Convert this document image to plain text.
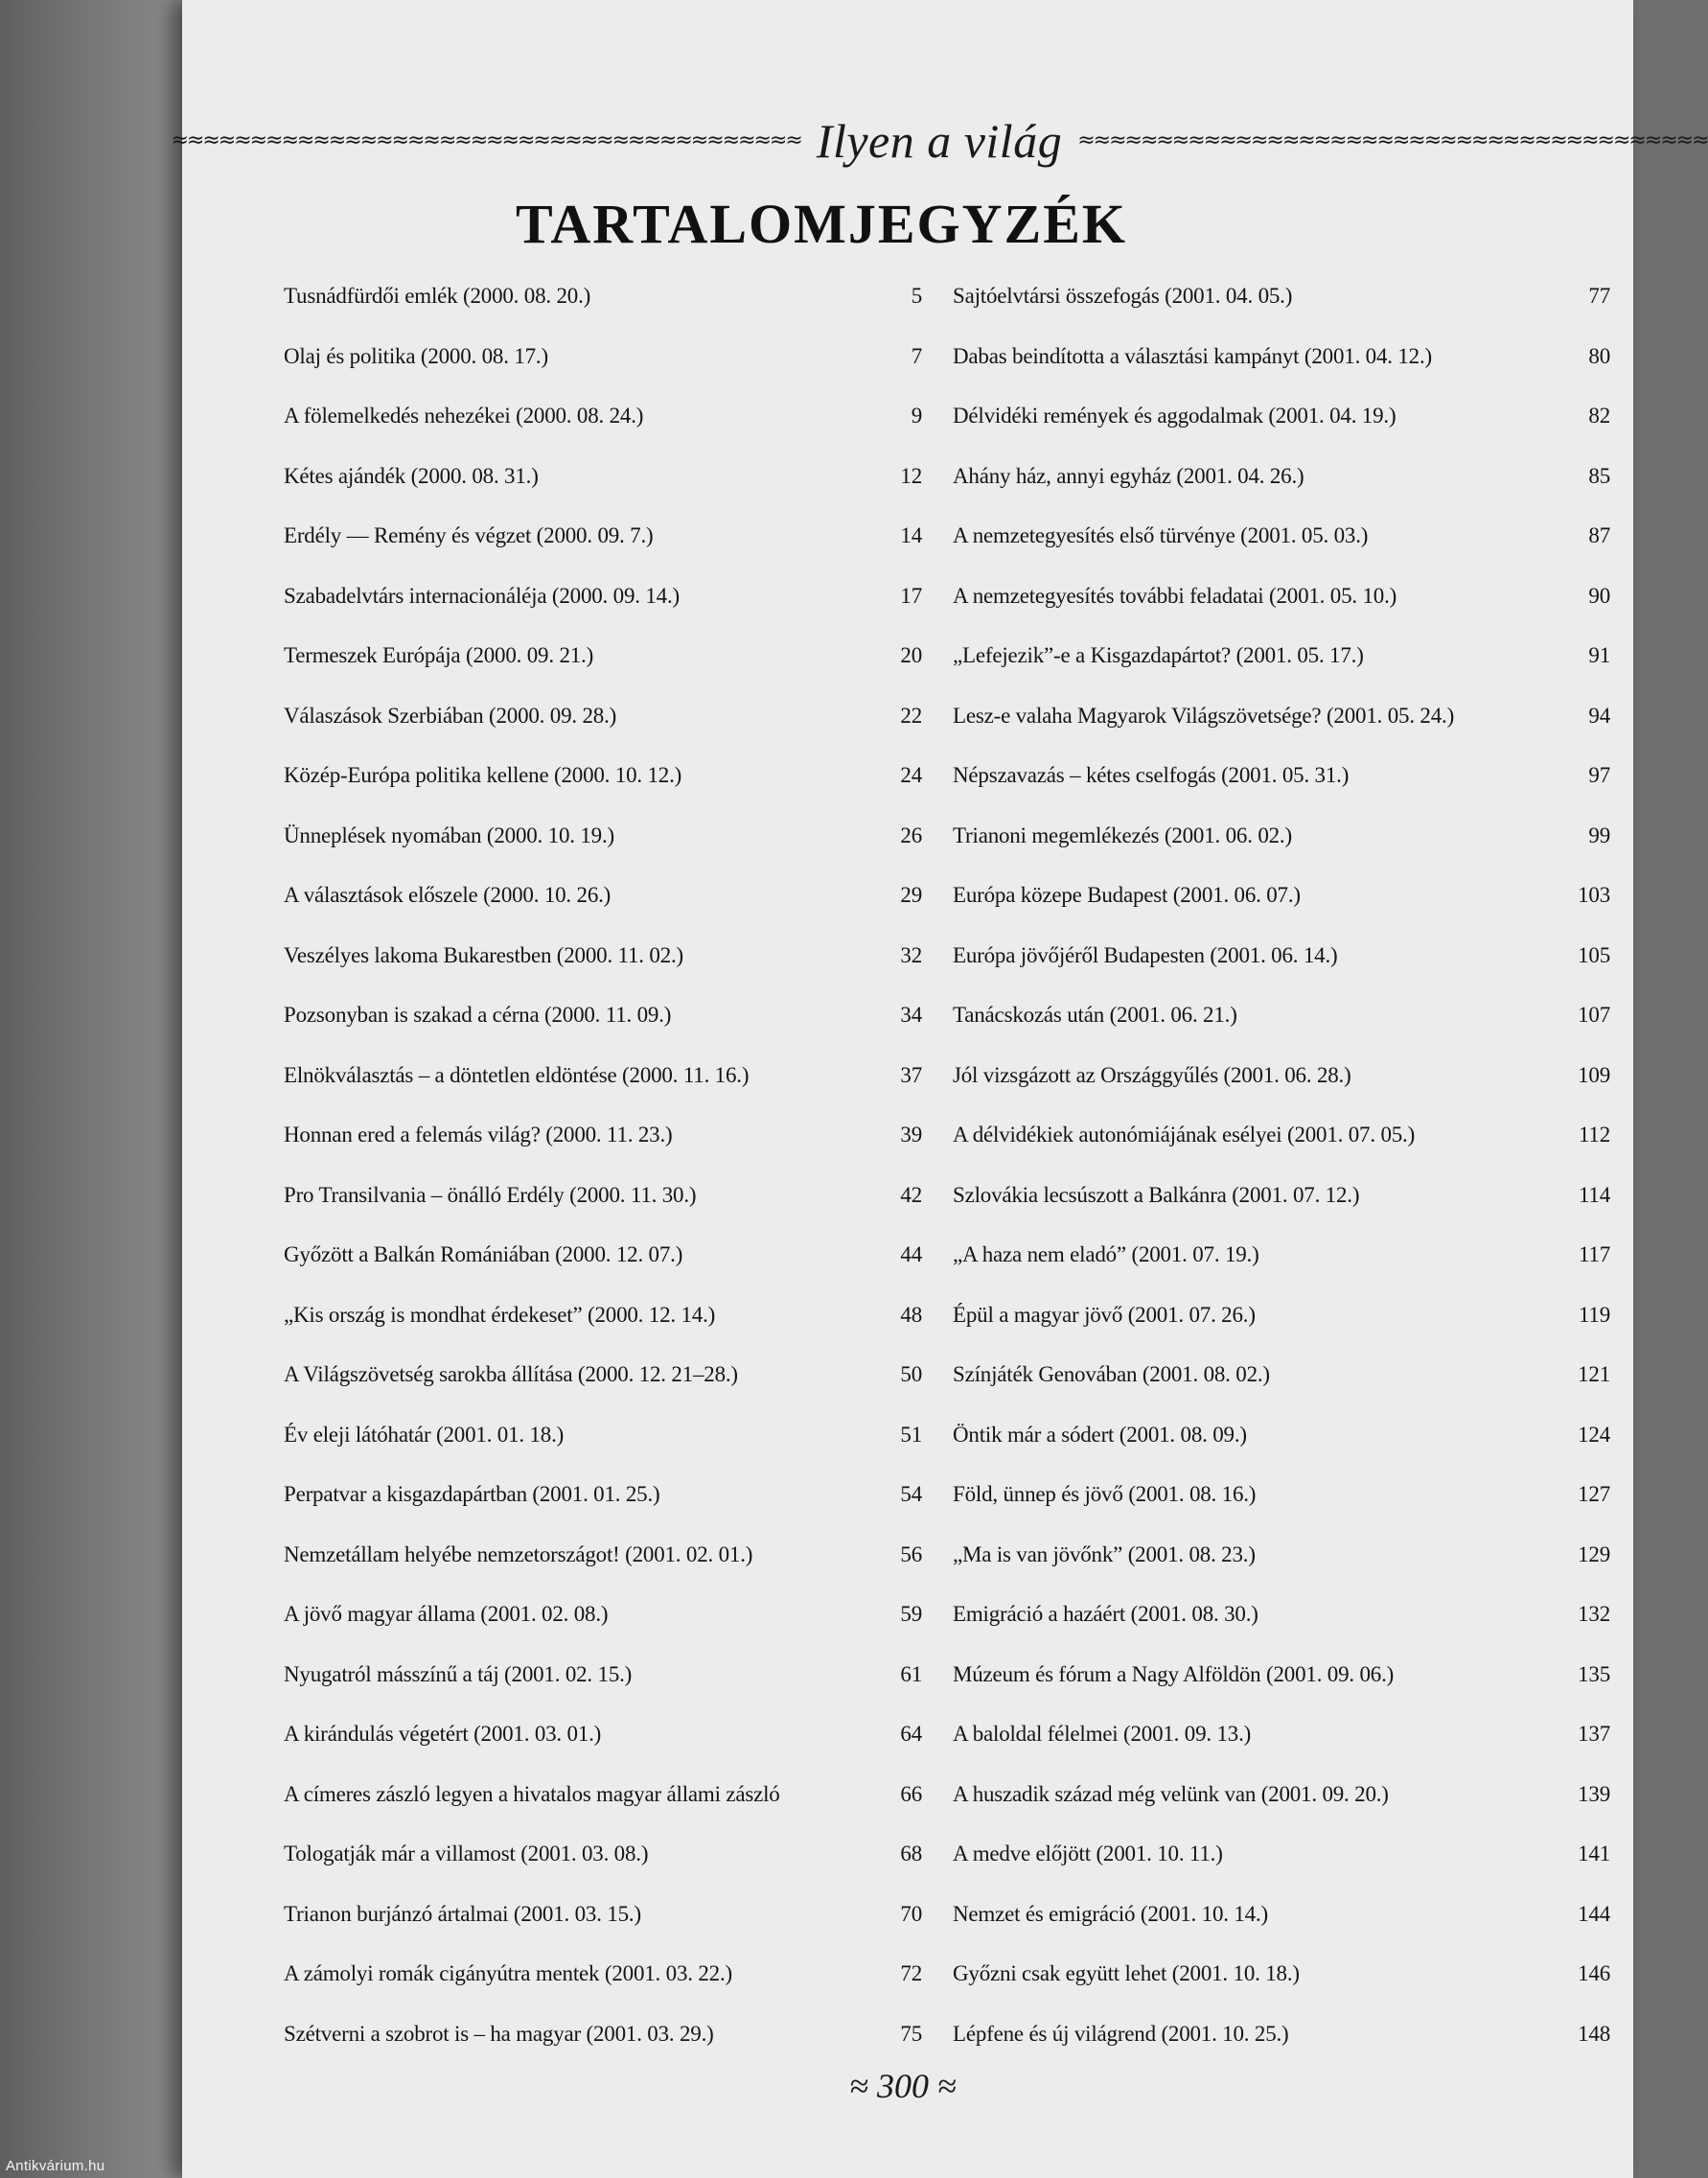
≈≈≈≈≈≈≈≈≈≈≈≈≈≈≈≈≈≈≈≈≈≈≈≈≈≈≈≈≈≈≈≈≈≈≈≈≈≈≈≈ Ilyen a világ ≈≈≈≈≈≈≈≈≈≈≈≈≈≈≈≈≈≈≈≈≈≈≈≈≈≈≈≈≈≈≈≈≈≈≈≈≈≈≈≈
TARTALOMJEGYZÉK
Tusnádfürdői emlék (2000. 08. 20.)	5
Olaj és politika (2000. 08. 17.)	7
A fölemelkedés nehezékei (2000. 08. 24.)	9
Kétes ajándék (2000. 08. 31.)	12
Erdély — Remény és végzet (2000. 09. 7.)	14
Szabadelvtárs internacionáléja (2000. 09. 14.)	17
Termeszek Európája (2000. 09. 21.)	20
Válaszások Szerbiában (2000. 09. 28.)	22
Közép-Európa politika kellene (2000. 10. 12.)	24
Ünneplések nyomában (2000. 10. 19.)	26
A választások előszele (2000. 10. 26.)	29
Veszélyes lakoma Bukarestben (2000. 11. 02.)	32
Pozsonyban is szakad a cérna (2000. 11. 09.)	34
Elnökválasztás – a döntetlen eldöntése (2000. 11. 16.)	37
Honnan ered a felemás világ? (2000. 11. 23.)	39
Pro Transilvania – önálló Erdély (2000. 11. 30.)	42
Győzött a Balkán Romániában (2000. 12. 07.)	44
„Kis ország is mondhat érdekeset” (2000. 12. 14.)	48
A Világszövetség sarokba állítása (2000. 12. 21–28.)	50
Év eleji látóhatár (2001. 01. 18.)	51
Perpatvar a kisgazdapártban (2001. 01. 25.)	54
Nemzetállam helyébe nemzetországot! (2001. 02. 01.)	56
A jövő magyar állama (2001. 02. 08.)	59
Nyugatról másszínű a táj (2001. 02. 15.)	61
A kirándulás végetért (2001. 03. 01.)	64
A címeres zászló legyen a hivatalos magyar állami zászló	66
Tologatják már a villamost (2001. 03. 08.)	68
Trianon burjánzó ártalmai (2001. 03. 15.)	70
A zámolyi romák cigányútra mentek (2001. 03. 22.)	72
Szétverni a szobrot is – ha magyar (2001. 03. 29.)	75
Sajtóelvtársi összefogás (2001. 04. 05.)	77
Dabas beindította a választási kampányt (2001. 04. 12.)	80
Délvidéki remények és aggodalmak (2001. 04. 19.)	82
Ahány ház, annyi egyház (2001. 04. 26.)	85
A nemzetegyesítés első türvénye (2001. 05. 03.)	87
A nemzetegyesítés további feladatai (2001. 05. 10.)	90
„Lefejezik”-e a Kisgazdapártot? (2001. 05. 17.)	91
Lesz-e valaha Magyarok Világszövetsége? (2001. 05. 24.)	94
Népszavazás – kétes cselfogás (2001. 05. 31.)	97
Trianoni megemlékezés (2001. 06. 02.)	99
Európa közepe Budapest (2001. 06. 07.)	103
Európa jövőjéről Budapesten (2001. 06. 14.)	105
Tanácskozás után (2001. 06. 21.)	107
Jól vizsgázott az Országgyűlés (2001. 06. 28.)	109
A délvidékiek autonómiájának esélyei (2001. 07. 05.)	112
Szlovákia lecsúszott a Balkánra (2001. 07. 12.)	114
„A haza nem eladó” (2001. 07. 19.)	117
Épül a magyar jövő (2001. 07. 26.)	119
Színjáték Genovában (2001. 08. 02.)	121
Öntik már a sódert (2001. 08. 09.)	124
Föld, ünnep és jövő (2001. 08. 16.)	127
„Ma is van jövőnk” (2001. 08. 23.)	129
Emigráció a hazáért (2001. 08. 30.)	132
Múzeum és fórum a Nagy Alföldön (2001. 09. 06.)	135
A baloldal félelmei (2001. 09. 13.)	137
A huszadik század még velünk van (2001. 09. 20.)	139
A medve előjött (2001. 10. 11.)	141
Nemzet és emigráció (2001. 10. 14.)	144
Győzni csak együtt lehet (2001. 10. 18.)	146
Lépfene és új világrend (2001. 10. 25.)	148
≈ 300 ≈
Antikvárium.hu
